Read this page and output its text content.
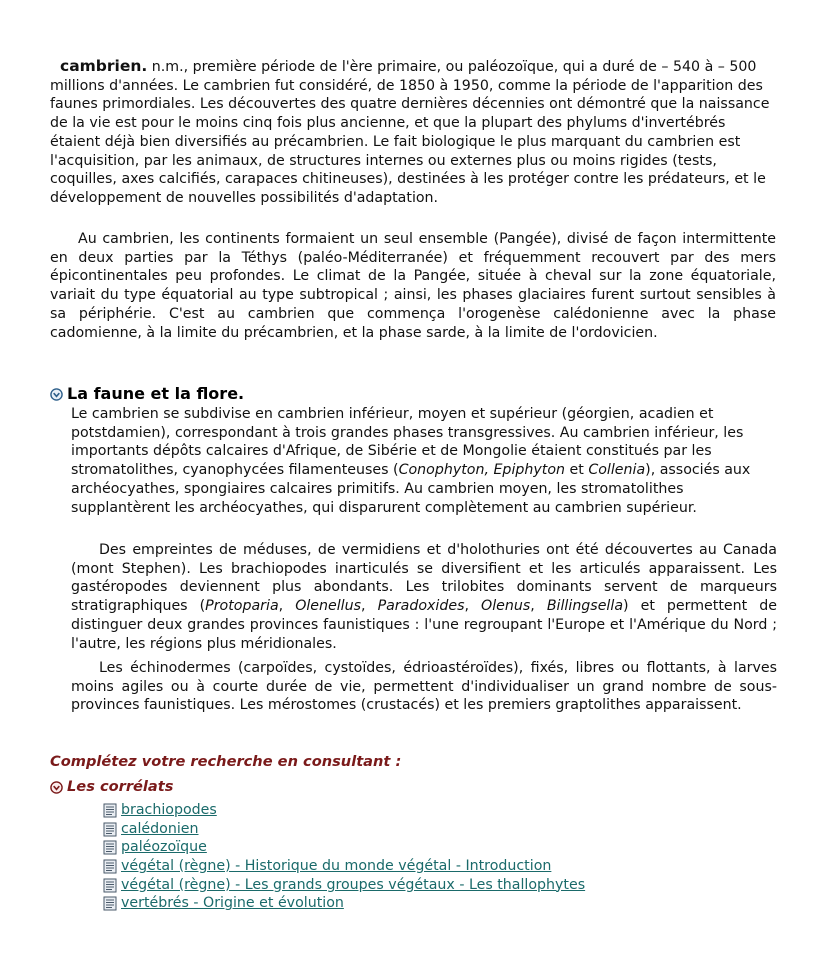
cambrien. n.m., première période de l'ère primaire, ou paléozoïque, qui a duré de – 540 à – 500 millions d'années. Le cambrien fut considéré, de 1850 à 1950, comme la période de l'apparition des faunes primordiales. Les découvertes des quatre dernières décennies ont démontré que la naissance de la vie est pour le moins cinq fois plus ancienne, et que la plupart des phylums d'invertébrés étaient déjà bien diversifiés au précambrien. Le fait biologique le plus marquant du cambrien est l'acquisition, par les animaux, de structures internes ou externes plus ou moins rigides (tests, coquilles, axes calcifiés, carapaces chitineuses), destinées à les protéger contre les prédateurs, et le développement de nouvelles possibilités d'adaptation.

Au cambrien, les continents formaient un seul ensemble (Pangée), divisé de façon intermittente en deux parties par la Téthys (paléo-Méditerranée) et fréquemment recouvert par des mers épicontinentales peu profondes. Le climat de la Pangée, située à cheval sur la zone équatoriale, variait du type équatorial au type subtropical ; ainsi, les phases glaciaires furent surtout sensibles à sa périphérie. C'est au cambrien que commença l'orogenèse calédonienne avec la phase cadomienne, à la limite du précambrien, et la phase sarde, à la limite de l'ordovicien.

La faune et la flore.

Le cambrien se subdivise en cambrien inférieur, moyen et supérieur (géorgien, acadien et potstdamien), correspondant à trois grandes phases transgressives. Au cambrien inférieur, les importants dépôts calcaires d'Afrique, de Sibérie et de Mongolie étaient constitués par les stromatolithes, cyanophycées filamenteuses (Conophyton, Epiphyton et Collenia), associés aux archéocyathes, spongiaires calcaires primitifs. Au cambrien moyen, les stromatolithes supplantèrent les archéocyathes, qui disparurent complètement au cambrien supérieur.

Des empreintes de méduses, de vermidiens et d'holothuries ont été découvertes au Canada (mont Stephen). Les brachiopodes inarticulés se diversifient et les articulés apparaissent. Les gastéropodes deviennent plus abondants. Les trilobites dominants servent de marqueurs stratigraphiques (Protoparia, Olenellus, Paradoxides, Olenus, Billingsella) et permettent de distinguer deux grandes provinces faunistiques : l'une regroupant l'Europe et l'Amérique du Nord ; l'autre, les régions plus méridionales.

Les échinodermes (carpoïdes, cystoïdes, édrioastéroïdes), fixés, libres ou flottants, à larves moins agiles ou à courte durée de vie, permettent d'individualiser un grand nombre de sous-provinces faunistiques. Les mérostomes (crustacés) et les premiers graptolithes apparaissent.

Complétez votre recherche en consultant :
Les corrélats
brachiopodes
calédonien
paléozoïque
végétal (règne) - Historique du monde végétal - Introduction
végétal (règne) - Les grands groupes végétaux - Les thallophytes
vertébrés - Origine et évolution
